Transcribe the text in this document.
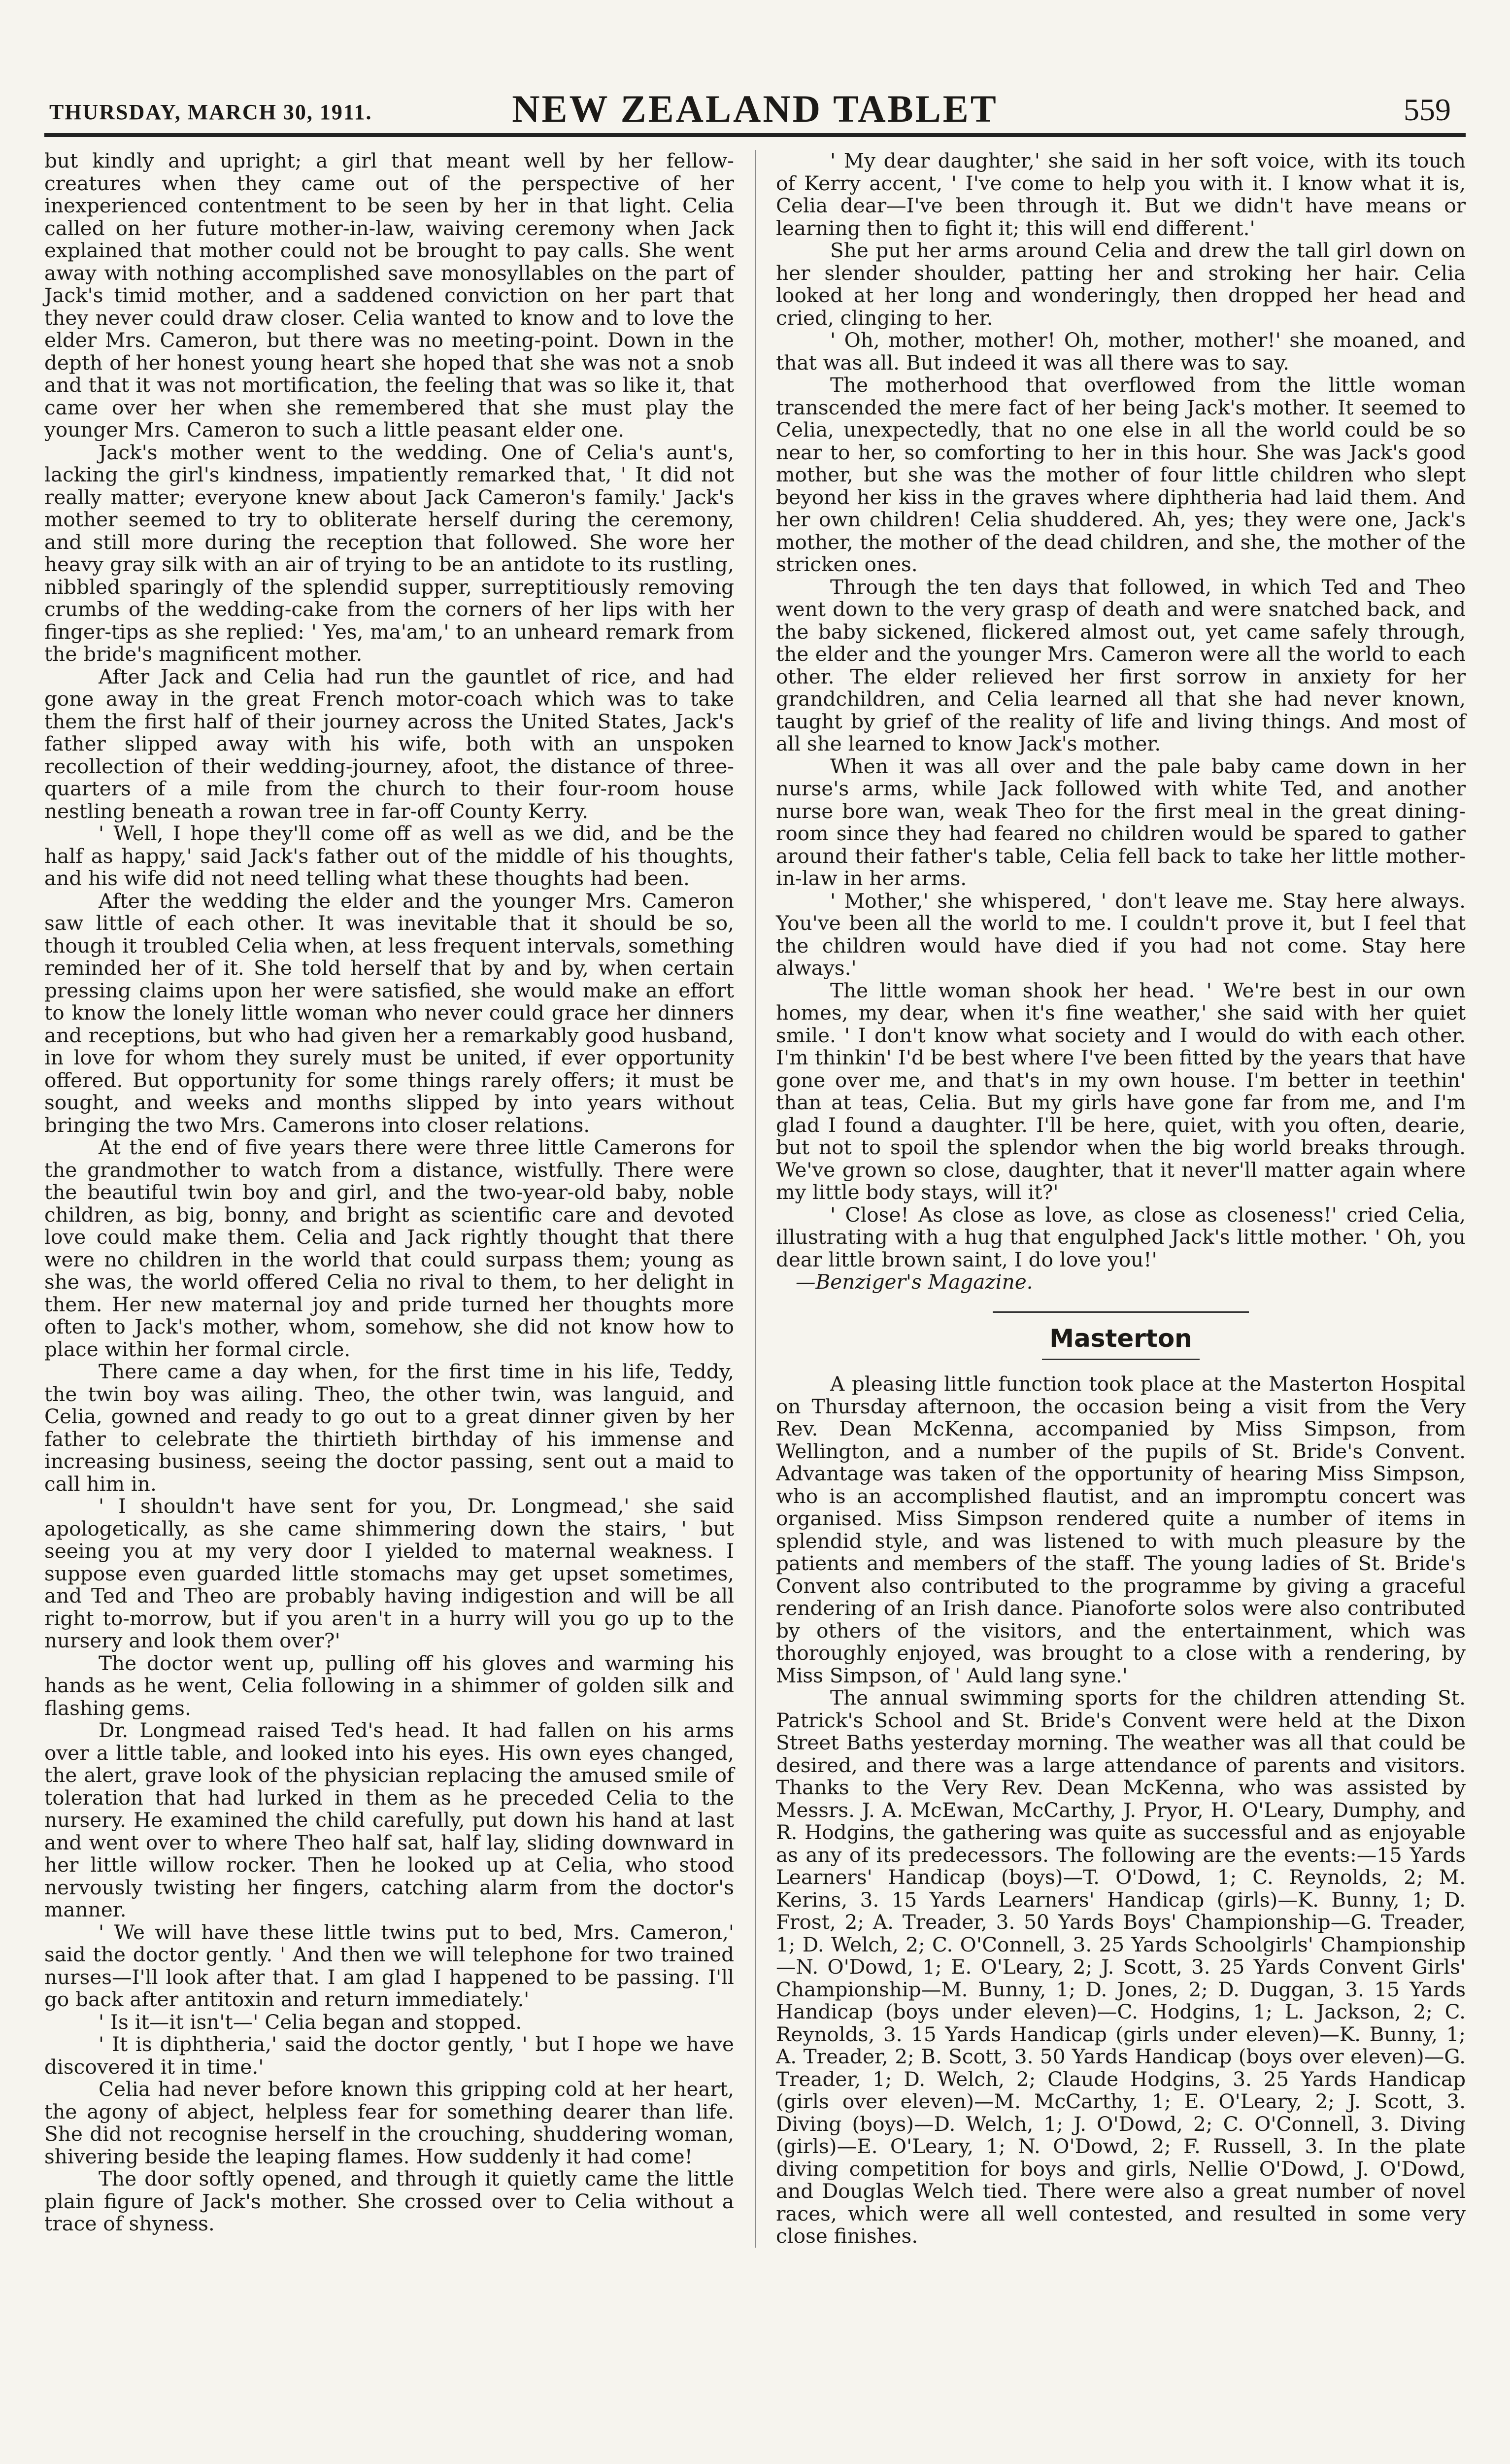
THURSDAY, MARCH 30, 1911.	NEW ZEALAND TABLET	559

but kindly and upright; a girl that meant well by her fellow-creatures when they came out of the perspective of her inexperienced contentment to be seen by her in that light. Celia called on her future mother-in-law, waiving ceremony when Jack explained that mother could not be brought to pay calls. She went away with nothing accomplished save monosyllables on the part of Jack's timid mother, and a saddened conviction on her part that they never could draw closer. Celia wanted to know and to love the elder Mrs. Cameron, but there was no meeting-point. Down in the depth of her honest young heart she hoped that she was not a snob and that it was not mortification, the feeling that was so like it, that came over her when she remembered that she must play the younger Mrs. Cameron to such a little peasant elder one.

Jack's mother went to the wedding. One of Celia's aunt's, lacking the girl's kindness, impatiently remarked that, ' It did not really matter; everyone knew about Jack Cameron's family.' Jack's mother seemed to try to obliterate herself during the ceremony, and still more during the reception that followed. She wore her heavy gray silk with an air of trying to be an antidote to its rustling, nibbled sparingly of the splendid supper, surreptitiously removing crumbs of the wedding-cake from the corners of her lips with her finger-tips as she replied: ' Yes, ma'am,' to an unheard remark from the bride's magnificent mother.

After Jack and Celia had run the gauntlet of rice, and had gone away in the great French motor-coach which was to take them the first half of their journey across the United States, Jack's father slipped away with his wife, both with an unspoken recollection of their wedding-journey, afoot, the distance of three-quarters of a mile from the church to their four-room house nestling beneath a rowan tree in far-off County Kerry.

' Well, I hope they'll come off as well as we did, and be the half as happy,' said Jack's father out of the middle of his thoughts, and his wife did not need telling what these thoughts had been.

After the wedding the elder and the younger Mrs. Cameron saw little of each other. It was inevitable that it should be so, though it troubled Celia when, at less frequent intervals, something reminded her of it. She told herself that by and by, when certain pressing claims upon her were satisfied, she would make an effort to know the lonely little woman who never could grace her dinners and receptions, but who had given her a remarkably good husband, in love for whom they surely must be united, if ever opportunity offered. But opportunity for some things rarely offers; it must be sought, and weeks and months slipped by into years without bringing the two Mrs. Camerons into closer relations.

At the end of five years there were three little Camerons for the grandmother to watch from a distance, wistfully. There were the beautiful twin boy and girl, and the two-year-old baby, noble children, as big, bonny, and bright as scientific care and devoted love could make them. Celia and Jack rightly thought that there were no children in the world that could surpass them; young as she was, the world offered Celia no rival to them, to her delight in them. Her new maternal joy and pride turned her thoughts more often to Jack's mother, whom, somehow, she did not know how to place within her formal circle.

There came a day when, for the first time in his life, Teddy, the twin boy was ailing. Theo, the other twin, was languid, and Celia, gowned and ready to go out to a great dinner given by her father to celebrate the thirtieth birthday of his immense and increasing business, seeing the doctor passing, sent out a maid to call him in.

' I shouldn't have sent for you, Dr. Longmead,' she said apologetically, as she came shimmering down the stairs, ' but seeing you at my very door I yielded to maternal weakness. I suppose even guarded little stomachs may get upset sometimes, and Ted and Theo are probably having indigestion and will be all right to-morrow, but if you aren't in a hurry will you go up to the nursery and look them over?'

The doctor went up, pulling off his gloves and warming his hands as he went, Celia following in a shimmer of golden silk and flashing gems.

Dr. Longmead raised Ted's head. It had fallen on his arms over a little table, and looked into his eyes. His own eyes changed, the alert, grave look of the physician replacing the amused smile of toleration that had lurked in them as he preceded Celia to the nursery. He examined the child carefully, put down his hand at last and went over to where Theo half sat, half lay, sliding downward in her little willow rocker. Then he looked up at Celia, who stood nervously twisting her fingers, catching alarm from the doctor's manner.

' We will have these little twins put to bed, Mrs. Cameron,' said the doctor gently. ' And then we will telephone for two trained nurses—I'll look after that. I am glad I happened to be passing. I'll go back after antitoxin and return immediately.'

' Is it—it isn't—' Celia began and stopped.

' It is diphtheria,' said the doctor gently, ' but I hope we have discovered it in time.'

Celia had never before known this gripping cold at her heart, the agony of abject, helpless fear for something dearer than life. She did not recognise herself in the crouching, shuddering woman, shivering beside the leaping flames. How suddenly it had come!

The door softly opened, and through it quietly came the little plain figure of Jack's mother. She crossed over to Celia without a trace of shyness.

' My dear daughter,' she said in her soft voice, with its touch of Kerry accent, ' I've come to help you with it. I know what it is, Celia dear—I've been through it. But we didn't have means or learning then to fight it; this will end different.'

She put her arms around Celia and drew the tall girl down on her slender shoulder, patting her and stroking her hair. Celia looked at her long and wonderingly, then dropped her head and cried, clinging to her.

' Oh, mother, mother! Oh, mother, mother!' she moaned, and that was all. But indeed it was all there was to say.

The motherhood that overflowed from the little woman transcended the mere fact of her being Jack's mother. It seemed to Celia, unexpectedly, that no one else in all the world could be so near to her, so comforting to her in this hour. She was Jack's good mother, but she was the mother of four little children who slept beyond her kiss in the graves where diphtheria had laid them. And her own children! Celia shuddered. Ah, yes; they were one, Jack's mother, the mother of the dead children, and she, the mother of the stricken ones.

Through the ten days that followed, in which Ted and Theo went down to the very grasp of death and were snatched back, and the baby sickened, flickered almost out, yet came safely through, the elder and the younger Mrs. Cameron were all the world to each other. The elder relieved her first sorrow in anxiety for her grandchildren, and Celia learned all that she had never known, taught by grief of the reality of life and living things. And most of all she learned to know Jack's mother.

When it was all over and the pale baby came down in her nurse's arms, while Jack followed with white Ted, and another nurse bore wan, weak Theo for the first meal in the great dining-room since they had feared no children would be spared to gather around their father's table, Celia fell back to take her little mother-in-law in her arms.

' Mother,' she whispered, ' don't leave me. Stay here always. You've been all the world to me. I couldn't prove it, but I feel that the children would have died if you had not come. Stay here always.'

The little woman shook her head. ' We're best in our own homes, my dear, when it's fine weather,' she said with her quiet smile. ' I don't know what society and I would do with each other. I'm thinkin' I'd be best where I've been fitted by the years that have gone over me, and that's in my own house. I'm better in teethin' than at teas, Celia. But my girls have gone far from me, and I'm glad I found a daughter. I'll be here, quiet, with you often, dearie, but not to spoil the splendor when the big world breaks through. We've grown so close, daughter, that it never'll matter again where my little body stays, will it?'

' Close! As close as love, as close as closeness!' cried Celia, illustrating with a hug that engulphed Jack's little mother. ' Oh, you dear little brown saint, I do love you!'

—Benziger's Magazine.

Masterton

A pleasing little function took place at the Masterton Hospital on Thursday afternoon, the occasion being a visit from the Very Rev. Dean McKenna, accompanied by Miss Simpson, from Wellington, and a number of the pupils of St. Bride's Convent. Advantage was taken of the opportunity of hearing Miss Simpson, who is an accomplished flautist, and an impromptu concert was organised. Miss Simpson rendered quite a number of items in splendid style, and was listened to with much pleasure by the patients and members of the staff. The young ladies of St. Bride's Convent also contributed to the programme by giving a graceful rendering of an Irish dance. Pianoforte solos were also contributed by others of the visitors, and the entertainment, which was thoroughly enjoyed, was brought to a close with a rendering, by Miss Simpson, of ' Auld lang syne.'

The annual swimming sports for the children attending St. Patrick's School and St. Bride's Convent were held at the Dixon Street Baths yesterday morning. The weather was all that could be desired, and there was a large attendance of parents and visitors. Thanks to the Very Rev. Dean McKenna, who was assisted by Messrs. J. A. McEwan, McCarthy, J. Pryor, H. O'Leary, Dumphy, and R. Hodgins, the gathering was quite as successful and as enjoyable as any of its predecessors. The following are the events:—15 Yards Learners' Handicap (boys)—T. O'Dowd, 1; C. Reynolds, 2; M. Kerins, 3. 15 Yards Learners' Handicap (girls)—K. Bunny, 1; D. Frost, 2; A. Treader, 3. 50 Yards Boys' Championship—G. Treader, 1; D. Welch, 2; C. O'Connell, 3. 25 Yards Schoolgirls' Championship—N. O'Dowd, 1; E. O'Leary, 2; J. Scott, 3. 25 Yards Convent Girls' Championship—M. Bunny, 1; D. Jones, 2; D. Duggan, 3. 15 Yards Handicap (boys under eleven)—C. Hodgins, 1; L. Jackson, 2; C. Reynolds, 3. 15 Yards Handicap (girls under eleven)—K. Bunny, 1; A. Treader, 2; B. Scott, 3. 50 Yards Handicap (boys over eleven)—G. Treader, 1; D. Welch, 2; Claude Hodgins, 3. 25 Yards Handicap (girls over eleven)—M. McCarthy, 1; E. O'Leary, 2; J. Scott, 3. Diving (boys)—D. Welch, 1; J. O'Dowd, 2; C. O'Connell, 3. Diving (girls)—E. O'Leary, 1; N. O'Dowd, 2; F. Russell, 3. In the plate diving competition for boys and girls, Nellie O'Dowd, J. O'Dowd, and Douglas Welch tied. There were also a great number of novel races, which were all well contested, and resulted in some very close finishes.
